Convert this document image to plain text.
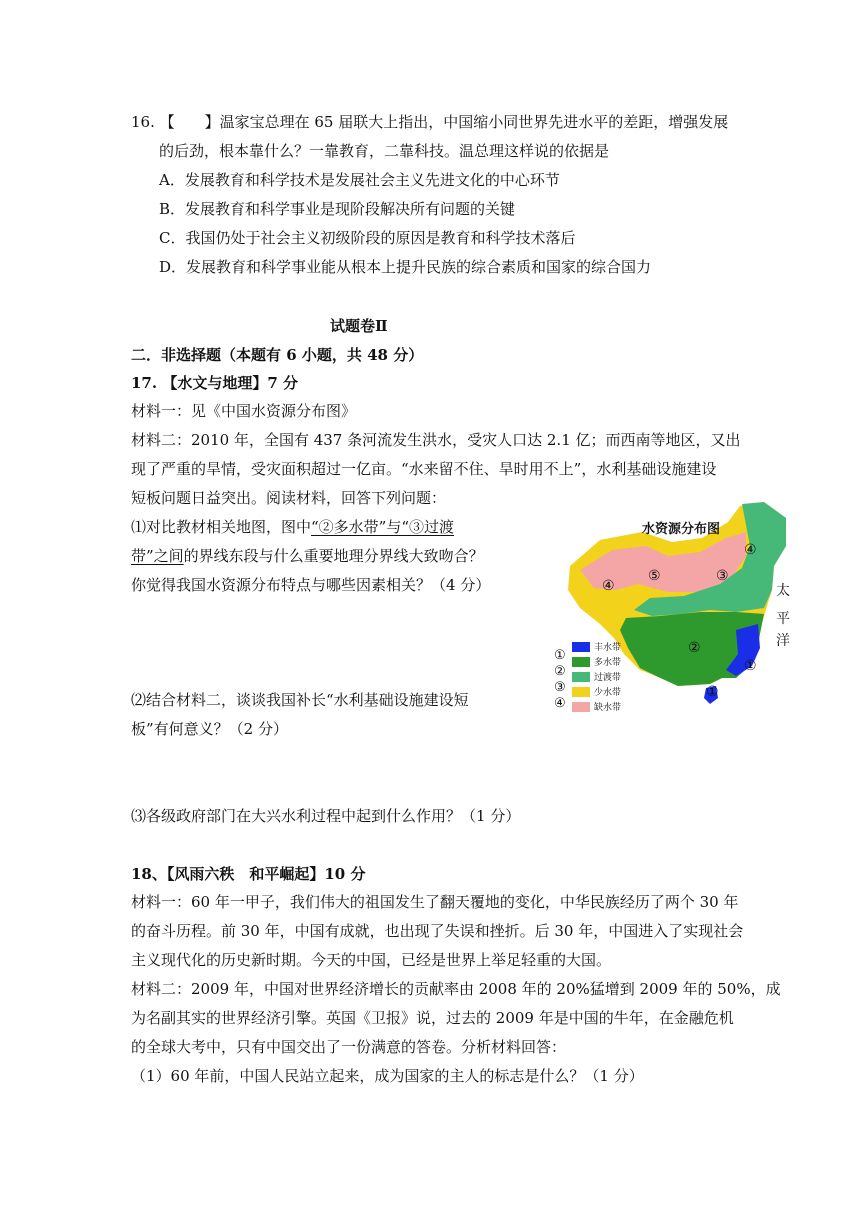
16. 【　　】温家宝总理在 65 届联大上指出，中国缩小同世界先进水平的差距，增强发展
的后劲，根本靠什么？一靠教育，二靠科技。温总理这样说的依据是
A．发展教育和科学技术是发展社会主义先进文化的中心环节
B．发展教育和科学事业是现阶段解决所有问题的关键
C．我国仍处于社会主义初级阶段的原因是教育和科学技术落后
D．发展教育和科学事业能从根本上提升民族的综合素质和国家的综合国力
试题卷Ⅱ
二．非选择题（本题有 6 小题，共 48 分）
17. 【水文与地理】7 分
材料一：见《中国水资源分布图》
材料二：2010 年，全国有 437 条河流发生洪水，受灾人口达 2.1 亿；而西南等地区，又出
现了严重的旱情，受灾面积超过一亿亩。“水来留不住、旱时用不上”，水利基础设施建设
短板问题日益突出。阅读材料，回答下列问题：
⑴对比教材相关地图，图中“②多水带”与“③过渡
带”之间的界线东段与什么重要地理分界线大致吻合？
你觉得我国水资源分布特点与哪些因素相关？（4 分）
⑵结合材料二，谈谈我国补长“水利基础设施建设短
板”有何意义？（2 分）
⑶各级政府部门在大兴水利过程中起到什么作用？（1 分）
水资源分布图
④
⑤
④
③
②
①
①
太
平
洋
①
②
③
④
丰水带
多水带
过渡带
少水带
缺水带
18、【风雨六秩　和平崛起】10 分
材料一：60 年一甲子，我们伟大的祖国发生了翻天覆地的变化，中华民族经历了两个 30 年
的奋斗历程。前 30 年，中国有成就，也出现了失误和挫折。后 30 年，中国进入了实现社会
主义现代化的历史新时期。今天的中国，已经是世界上举足轻重的大国。
材料二：2009 年，中国对世界经济增长的贡献率由 2008 年的 20%猛增到 2009 年的 50%，成
为名副其实的世界经济引擎。英国《卫报》说，过去的 2009 年是中国的牛年，在金融危机
的全球大考中，只有中国交出了一份满意的答卷。分析材料回答：
（1）60 年前，中国人民站立起来，成为国家的主人的标志是什么？（1 分）
